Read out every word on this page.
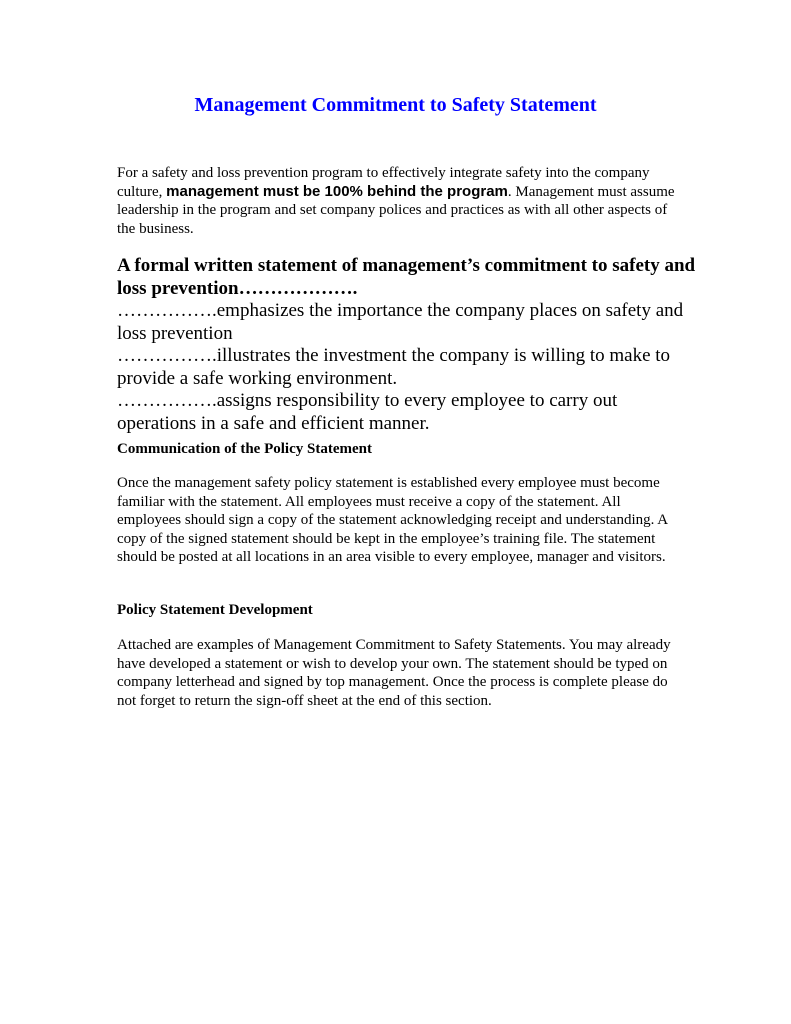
Management Commitment to Safety Statement
For a safety and loss prevention program to effectively integrate safety into the company culture, management must be 100% behind the program. Management must assume leadership in the program and set company polices and practices as with all other aspects of the business.
A formal written statement of management’s commitment to safety and loss prevention……………….
…………….emphasizes the importance the company places on safety and loss prevention
…………….illustrates the investment the company is willing to make to provide a safe working environment.
…………….assigns responsibility to every employee to carry out operations in a safe and efficient manner.
Communication of the Policy Statement
Once the management safety policy statement is established every employee must become familiar with the statement. All employees must receive a copy of the statement. All employees should sign a copy of the statement acknowledging receipt and understanding. A copy of the signed statement should be kept in the employee’s training file. The statement should be posted at all locations in an area visible to every employee, manager and visitors.
Policy Statement Development
Attached are examples of Management Commitment to Safety Statements. You may already have developed a statement or wish to develop your own. The statement should be typed on company letterhead and signed by top management. Once the process is complete please do not forget to return the sign-off sheet at the end of this section.
